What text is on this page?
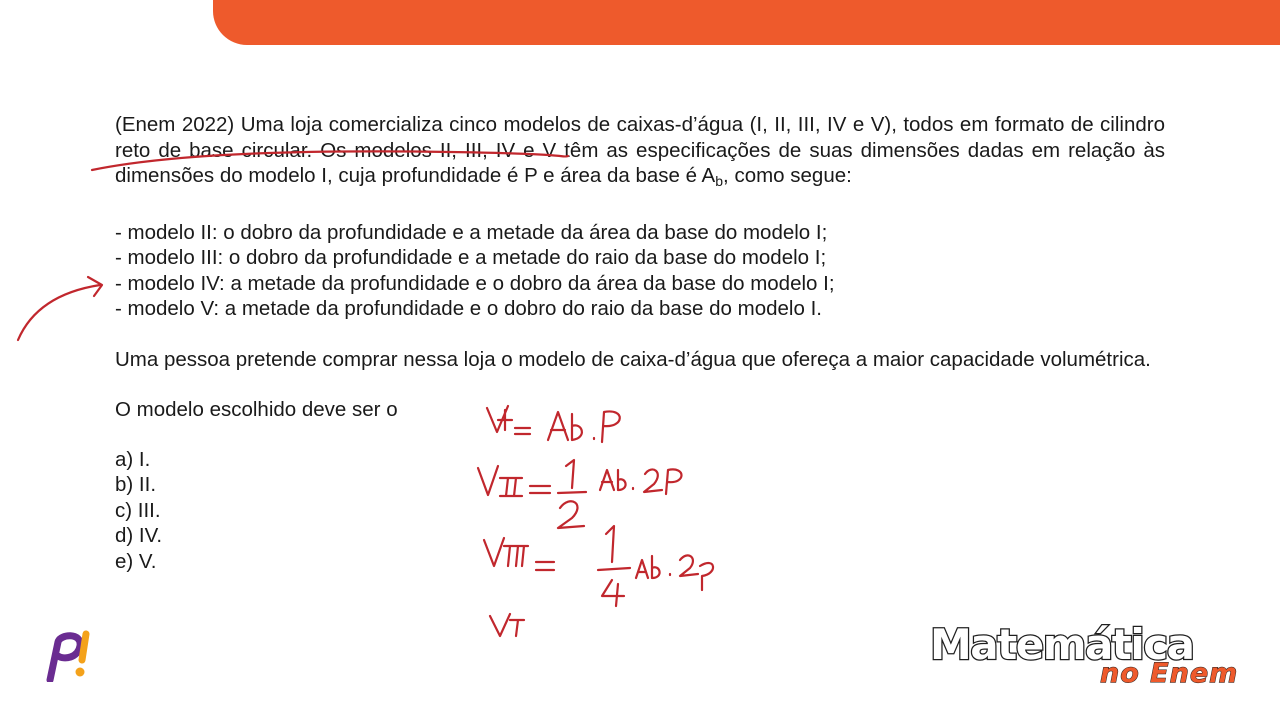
(Enem 2022) Uma loja comercializa cinco modelos de caixas-d’água (I, II, III, IV e V), todos em formato de cilindro reto de base circular. Os modelos II, III, IV e V têm as especificações de suas dimensões dadas em relação às dimensões do modelo I, cuja profundidade é P e área da base é $A_b$, como segue:

- modelo II: o dobro da profundidade e a metade da área da base do modelo I;

- modelo III: o dobro da profundidade e a metade do raio da base do modelo I;

- modelo IV: a metade da profundidade e o dobro da área da base do modelo I;

- modelo V: a metade da profundidade e o dobro do raio da base do modelo I.

Uma pessoa pretende comprar nessa loja o modelo de caixa-d’água que ofereça a maior capacidade volumétrica.

O modelo escolhido deve ser o

a) I.

b) II.

c) III.

d) IV.

e) V.

Matemática
no Enem
